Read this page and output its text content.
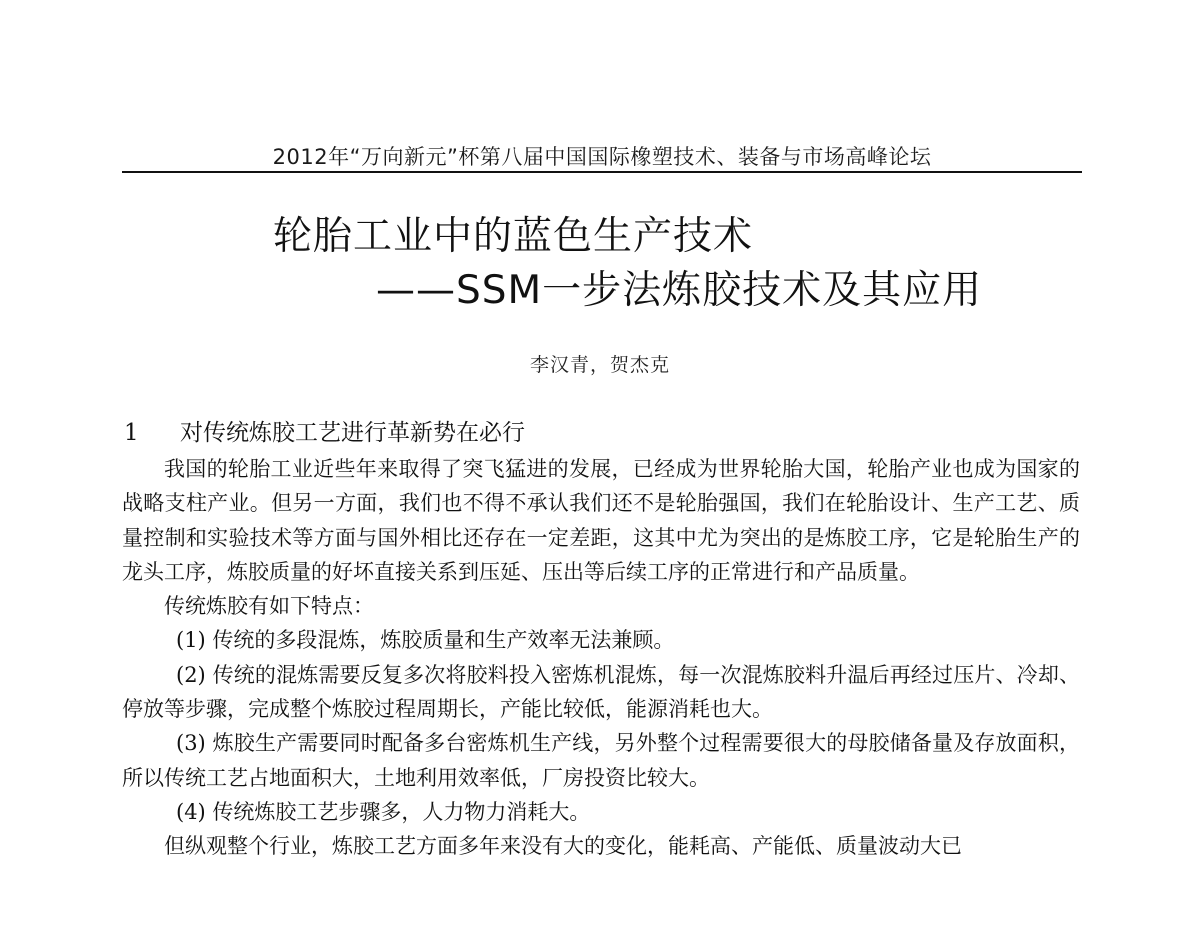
2012年“万向新元”杯第八届中国国际橡塑技术、装备与市场高峰论坛
轮胎工业中的蓝色生产技术
——SSM一步法炼胶技术及其应用
李汉青，贺杰克
1 对传统炼胶工艺进行革新势在必行

我国的轮胎工业近些年来取得了突飞猛进的发展，已经成为世界轮胎大国，轮胎产业也成为国家的战略支柱产业。但另一方面，我们也不得不承认我们还不是轮胎强国，我们在轮胎设计、生产工艺、质量控制和实验技术等方面与国外相比还存在一定差距，这其中尤为突出的是炼胶工序，它是轮胎生产的龙头工序，炼胶质量的好坏直接关系到压延、压出等后续工序的正常进行和产品质量。

传统炼胶有如下特点：

(1) 传统的多段混炼，炼胶质量和生产效率无法兼顾。

(2) 传统的混炼需要反复多次将胶料投入密炼机混炼，每一次混炼胶料升温后再经过压片、冷却、停放等步骤，完成整个炼胶过程周期长，产能比较低，能源消耗也大。

(3) 炼胶生产需要同时配备多台密炼机生产线，另外整个过程需要很大的母胶储备量及存放面积，所以传统工艺占地面积大，土地利用效率低，厂房投资比较大。

(4) 传统炼胶工艺步骤多，人力物力消耗大。

但纵观整个行业，炼胶工艺方面多年来没有大的变化，能耗高、产能低、质量波动大已
